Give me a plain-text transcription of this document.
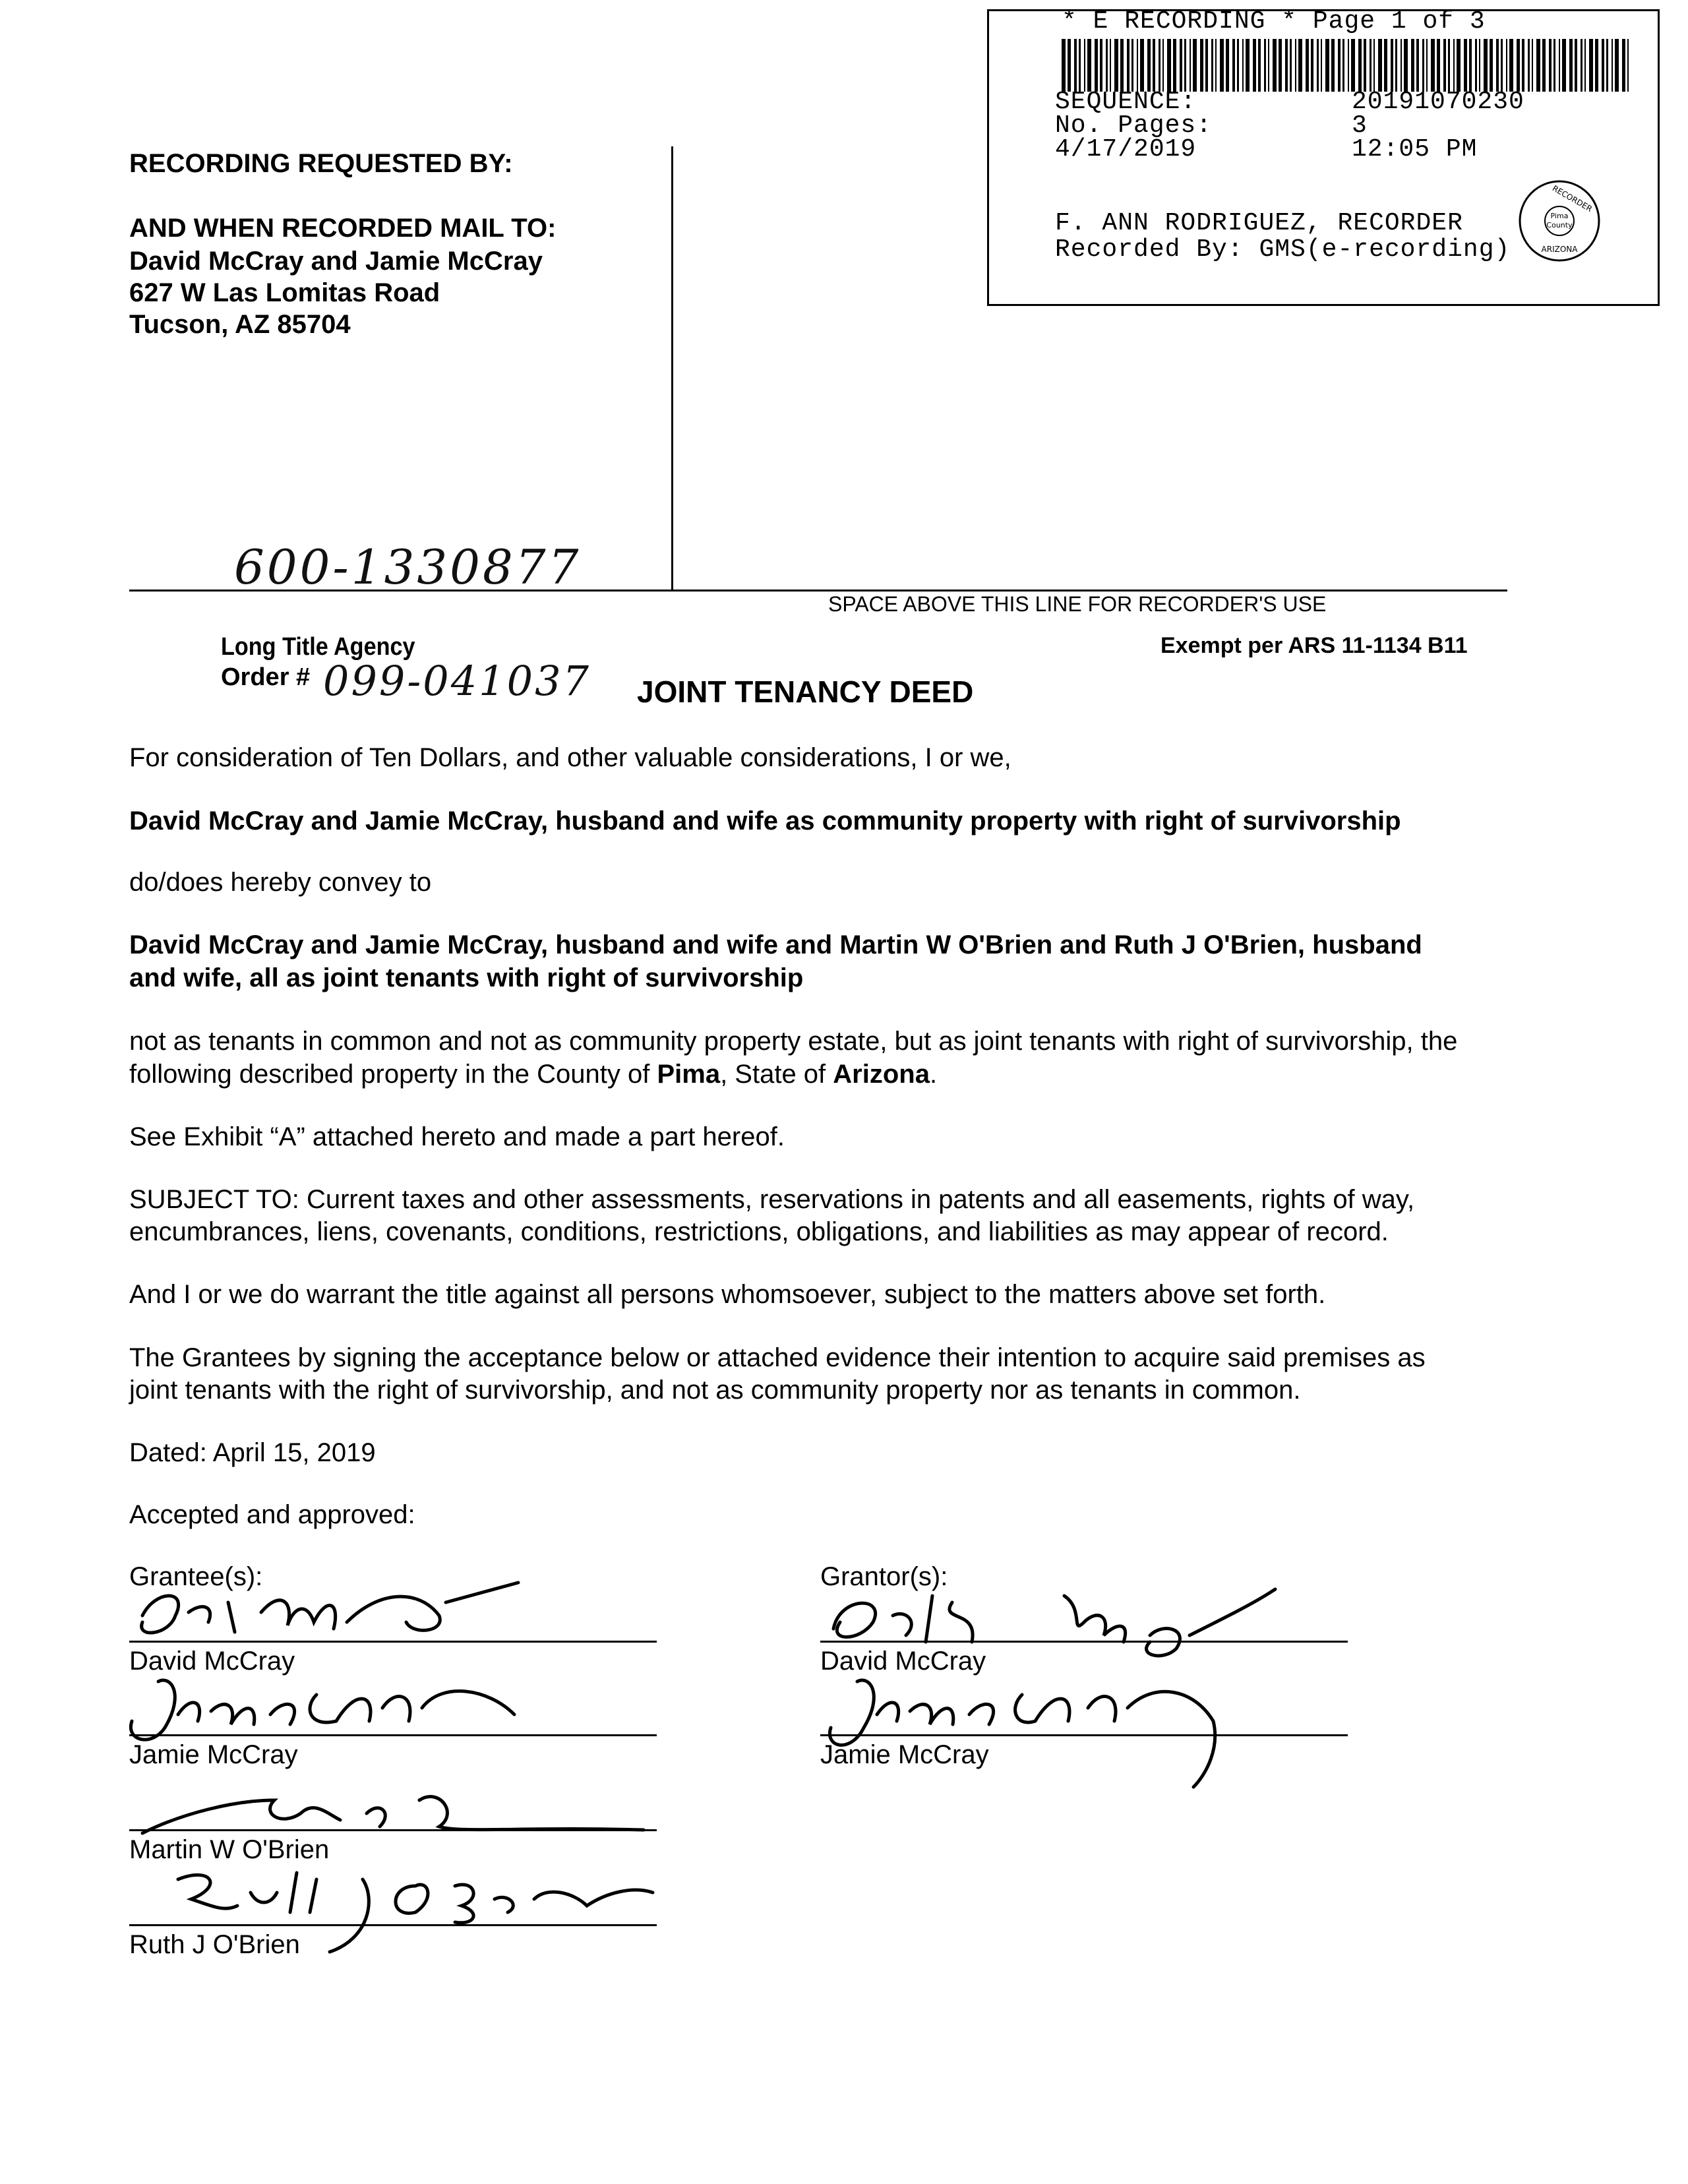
* E RECORDING * Page 1 of 3
SEQUENCE:	20191070230
No. Pages:	3
4/17/2019	12:05 PM
F. ANN RODRIGUEZ, RECORDER
Recorded By: GMS(e-recording)
Pima
County
RECORDER
ARIZONA
RECORDING REQUESTED BY:
AND WHEN RECORDED MAIL TO:
David McCray and Jamie McCray
627 W Las Lomitas Road
Tucson, AZ 85704
600-1330877
SPACE ABOVE THIS LINE FOR RECORDER'S USE
Long Title Agency
Order # 099-041037
Exempt per ARS 11-1134 B11
JOINT TENANCY DEED
For consideration of Ten Dollars, and other valuable considerations, I or we,
David McCray and Jamie McCray, husband and wife as community property with right of survivorship
do/does hereby convey to
David McCray and Jamie McCray, husband and wife and Martin W O'Brien and Ruth J O'Brien, husband
and wife, all as joint tenants with right of survivorship
not as tenants in common and not as community property estate, but as joint tenants with right of survivorship, the
following described property in the County of Pima, State of Arizona.
See Exhibit “A” attached hereto and made a part hereof.
SUBJECT TO: Current taxes and other assessments, reservations in patents and all easements, rights of way,
encumbrances, liens, covenants, conditions, restrictions, obligations, and liabilities as may appear of record.
And I or we do warrant the title against all persons whomsoever, subject to the matters above set forth.
The Grantees by signing the acceptance below or attached evidence their intention to acquire said premises as
joint tenants with the right of survivorship, and not as community property nor as tenants in common.
Dated: April 15, 2019
Accepted and approved:
Grantee(s):
David McCray
Jamie McCray
Martin W O'Brien
Ruth J O'Brien
Grantor(s):
David McCray
Jamie McCray
